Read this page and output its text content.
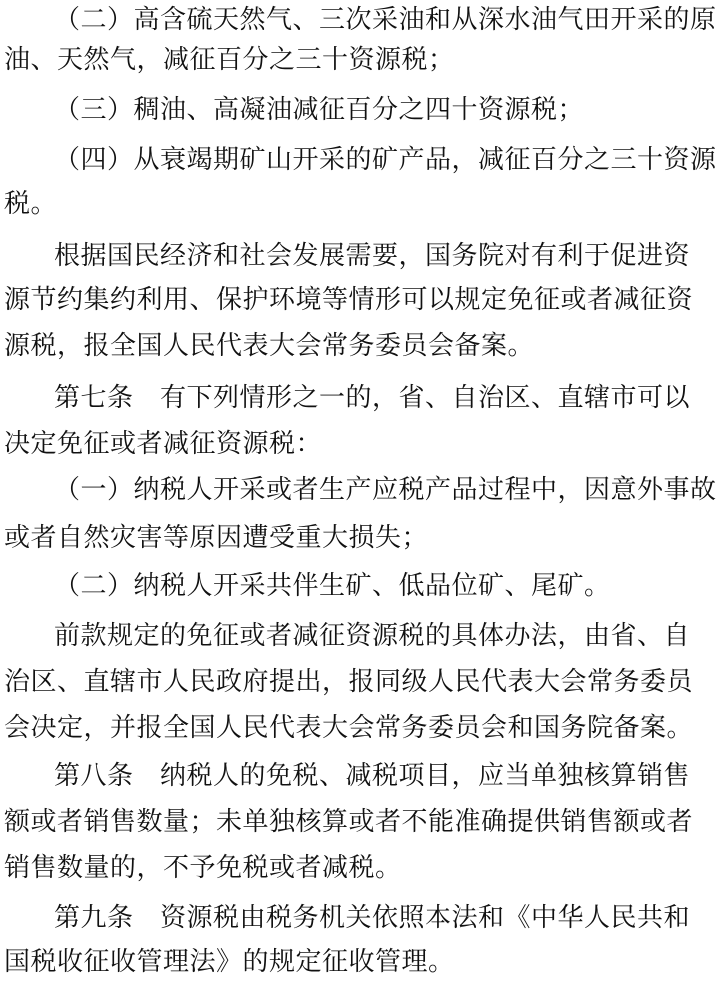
（二）高含硫天然气、三次采油和从深水油气田开采的原
油、天然气，减征百分之三十资源税；
（三）稠油、高凝油减征百分之四十资源税；
（四）从衰竭期矿山开采的矿产品，减征百分之三十资源
税。
根据国民经济和社会发展需要，国务院对有利于促进资
源节约集约利用、保护环境等情形可以规定免征或者减征资
源税，报全国人民代表大会常务委员会备案。
第七条　有下列情形之一的，省、自治区、直辖市可以
决定免征或者减征资源税：
（一）纳税人开采或者生产应税产品过程中，因意外事故
或者自然灾害等原因遭受重大损失；
（二）纳税人开采共伴生矿、低品位矿、尾矿。
前款规定的免征或者减征资源税的具体办法，由省、自
治区、直辖市人民政府提出，报同级人民代表大会常务委员
会决定，并报全国人民代表大会常务委员会和国务院备案。
第八条　纳税人的免税、减税项目，应当单独核算销售
额或者销售数量；未单独核算或者不能准确提供销售额或者
销售数量的，不予免税或者减税。
第九条　资源税由税务机关依照本法和《中华人民共和
国税收征收管理法》的规定征收管理。
